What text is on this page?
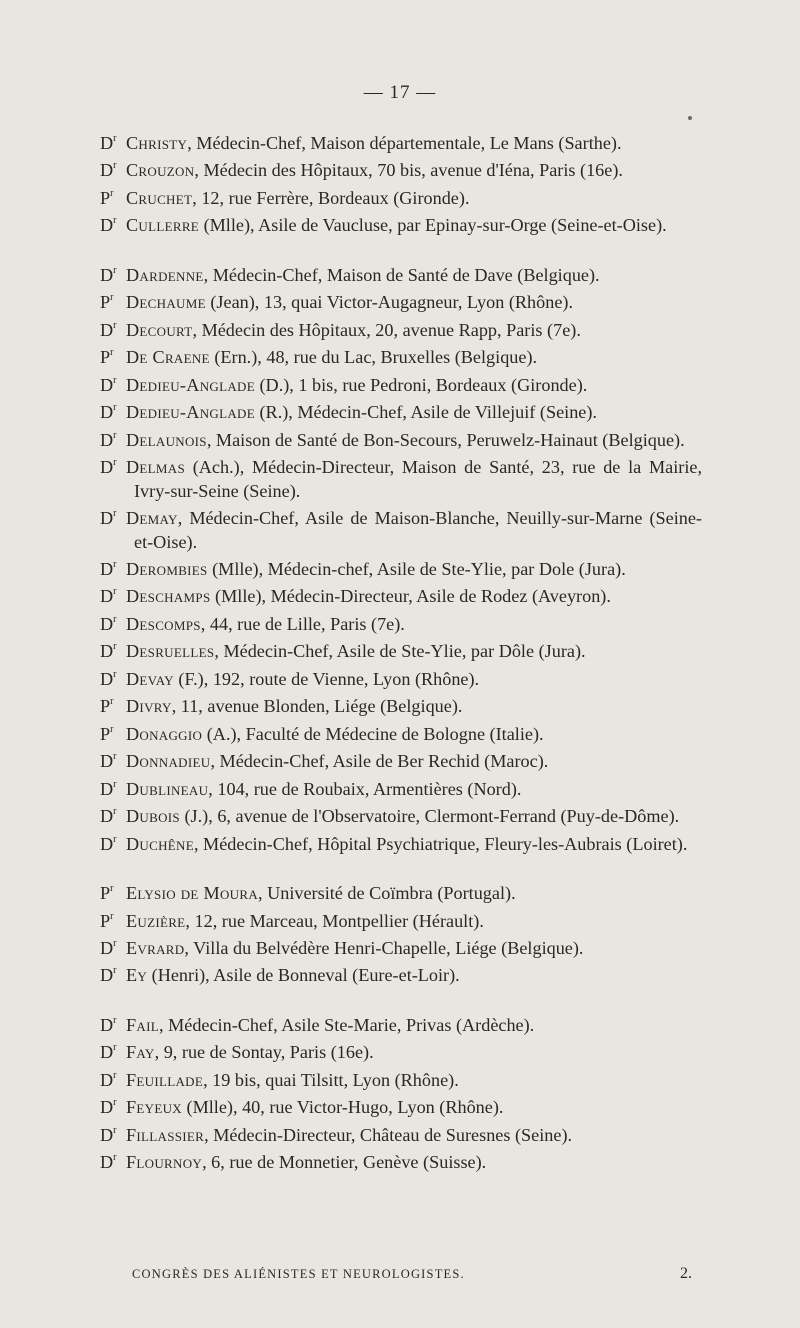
— 17 —
$D^r$ Christy, Médecin-Chef, Maison départementale, Le Mans (Sarthe).
$D^r$ Crouzon, Médecin des Hôpitaux, 70 bis, avenue d'Iéna, Paris (16e).
$P^r$ Cruchet, 12, rue Ferrère, Bordeaux (Gironde).
$D^r$ Cullerre (Mlle), Asile de Vaucluse, par Epinay-sur-Orge (Seine-et-Oise).
$D^r$ Dardenne, Médecin-Chef, Maison de Santé de Dave (Belgique).
$P^r$ Dechaume (Jean), 13, quai Victor-Augagneur, Lyon (Rhône).
$D^r$ Decourt, Médecin des Hôpitaux, 20, avenue Rapp, Paris (7e).
$P^r$ De Craene (Ern.), 48, rue du Lac, Bruxelles (Belgique).
$D^r$ Dedieu-Anglade (D.), 1 bis, rue Pedroni, Bordeaux (Gironde).
$D^r$ Dedieu-Anglade (R.), Médecin-Chef, Asile de Villejuif (Seine).
$D^r$ Delaunois, Maison de Santé de Bon-Secours, Peruwelz-Hainaut (Belgique).
$D^r$ Delmas (Ach.), Médecin-Directeur, Maison de Santé, 23, rue de la Mairie, Ivry-sur-Seine (Seine).
$D^r$ Demay, Médecin-Chef, Asile de Maison-Blanche, Neuilly-sur-Marne (Seine-et-Oise).
$D^r$ Derombies (Mlle), Médecin-chef, Asile de Ste-Ylie, par Dole (Jura).
$D^r$ Deschamps (Mlle), Médecin-Directeur, Asile de Rodez (Aveyron).
$D^r$ Descomps, 44, rue de Lille, Paris (7e).
$D^r$ Desruelles, Médecin-Chef, Asile de Ste-Ylie, par Dôle (Jura).
$D^r$ Devay (F.), 192, route de Vienne, Lyon (Rhône).
$P^r$ Divry, 11, avenue Blonden, Liége (Belgique).
$P^r$ Donaggio (A.), Faculté de Médecine de Bologne (Italie).
$D^r$ Donnadieu, Médecin-Chef, Asile de Ber Rechid (Maroc).
$D^r$ Dublineau, 104, rue de Roubaix, Armentières (Nord).
$D^r$ Dubois (J.), 6, avenue de l'Observatoire, Clermont-Ferrand (Puy-de-Dôme).
$D^r$ Duchêne, Médecin-Chef, Hôpital Psychiatrique, Fleury-les-Aubrais (Loiret).
$P^r$ Elysio de Moura, Université de Coïmbra (Portugal).
$P^r$ Euzière, 12, rue Marceau, Montpellier (Hérault).
$D^r$ Evrard, Villa du Belvédère Henri-Chapelle, Liége (Belgique).
$D^r$ Ey (Henri), Asile de Bonneval (Eure-et-Loir).
$D^r$ Fail, Médecin-Chef, Asile Ste-Marie, Privas (Ardèche).
$D^r$ Fay, 9, rue de Sontay, Paris (16e).
$D^r$ Feuillade, 19 bis, quai Tilsitt, Lyon (Rhône).
$D^r$ Feyeux (Mlle), 40, rue Victor-Hugo, Lyon (Rhône).
$D^r$ Fillassier, Médecin-Directeur, Château de Suresnes (Seine).
$D^r$ Flournoy, 6, rue de Monnetier, Genève (Suisse).
CONGRÈS DES ALIÉNISTES ET NEUROLOGISTES.	2.
